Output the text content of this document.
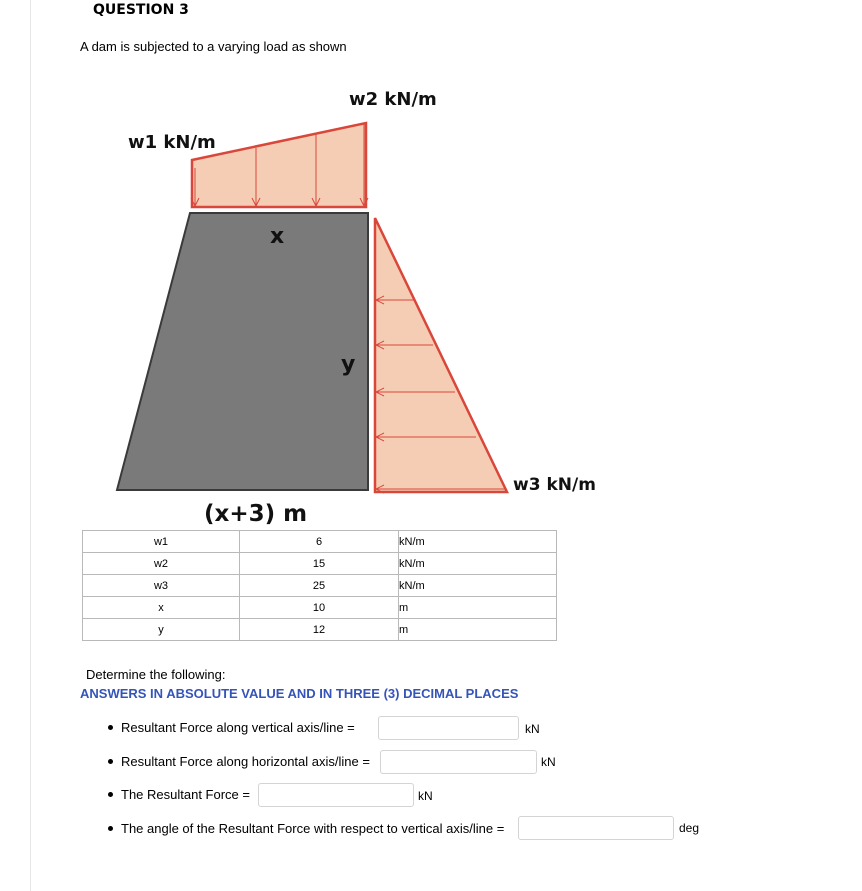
QUESTION 3
A dam is subjected to a varying load as shown
w1 kN/m
w2 kN/m
w3 kN/m
x
y
(x+3) m
w1	6	kN/m
w2	15	kN/m
w3	25	kN/m
x	10	m
y	12	m
Determine the following:
ANSWERS IN ABSOLUTE VALUE AND IN THREE (3) DECIMAL PLACES
Resultant Force along vertical axis/line =	kN
Resultant Force along horizontal axis/line =	kN
The Resultant Force =	kN
The angle of the Resultant Force with respect to vertical axis/line =	deg
